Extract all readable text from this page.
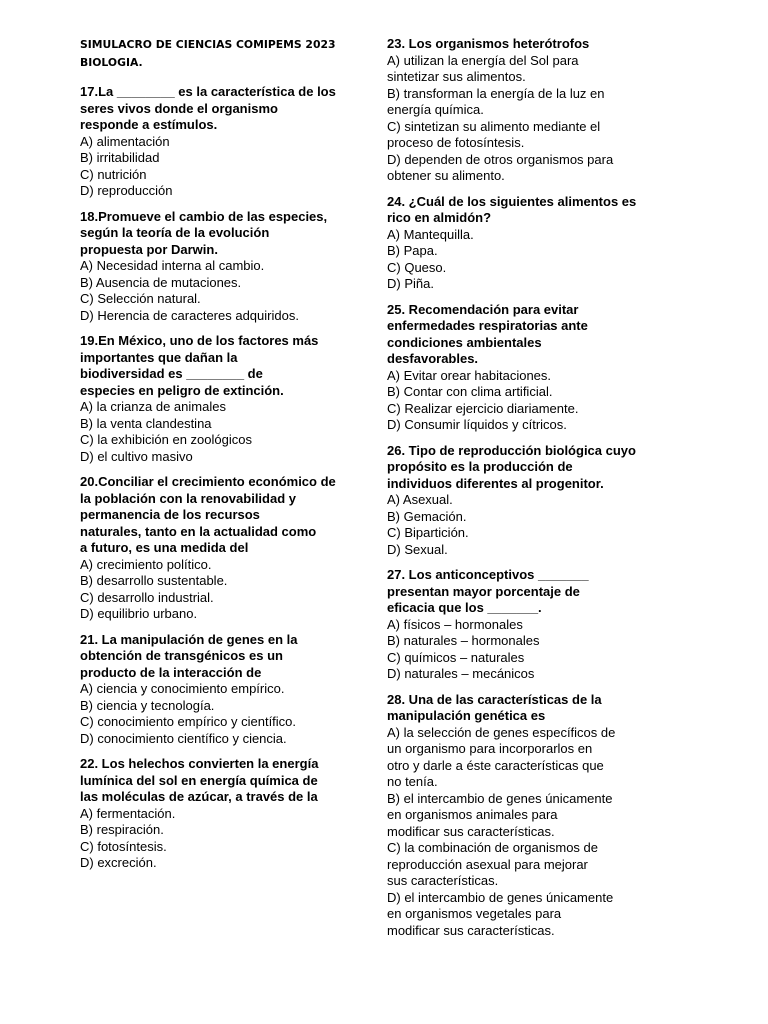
SIMULACRO DE CIENCIAS COMIPEMS 2023
BIOLOGIA.
17.La ________ es la característica de los
seres vivos donde el organismo
responde a estímulos.
A) alimentación
B) irritabilidad
C) nutrición
D) reproducción
18.Promueve el cambio de las especies,
según la teoría de la evolución
propuesta por Darwin.
A) Necesidad interna al cambio.
B) Ausencia de mutaciones.
C) Selección natural.
D) Herencia de caracteres adquiridos.
19.En México, uno de los factores más
importantes que dañan la
biodiversidad es ________ de
especies en peligro de extinción.
A) la crianza de animales
B) la venta clandestina
C) la exhibición en zoológicos
D) el cultivo masivo
20.Conciliar el crecimiento económico de
la población con la renovabilidad y
permanencia de los recursos
naturales, tanto en la actualidad como
a futuro, es una medida del
A) crecimiento político.
B) desarrollo sustentable.
C) desarrollo industrial.
D) equilibrio urbano.
21. La manipulación de genes en la
obtención de transgénicos es un
producto de la interacción de
A) ciencia y conocimiento empírico.
B) ciencia y tecnología.
C) conocimiento empírico y científico.
D) conocimiento científico y ciencia.
22. Los helechos convierten la energía
lumínica del sol en energía química de
las moléculas de azúcar, a través de la
A) fermentación.
B) respiración.
C) fotosíntesis.
D) excreción.
23. Los organismos heterótrofos
A) utilizan la energía del Sol para
sintetizar sus alimentos.
B) transforman la energía de la luz en
energía química.
C) sintetizan su alimento mediante el
proceso de fotosíntesis.
D) dependen de otros organismos para
obtener su alimento.
24. ¿Cuál de los siguientes alimentos es
rico en almidón?
A) Mantequilla.
B) Papa.
C) Queso.
D) Piña.
25. Recomendación para evitar
enfermedades respiratorias ante
condiciones ambientales
desfavorables.
A) Evitar orear habitaciones.
B) Contar con clima artificial.
C) Realizar ejercicio diariamente.
D) Consumir líquidos y cítricos.
26. Tipo de reproducción biológica cuyo
propósito es la producción de
individuos diferentes al progenitor.
A) Asexual.
B) Gemación.
C) Bipartición.
D) Sexual.
27. Los anticonceptivos _______
presentan mayor porcentaje de
eficacia que los _______.
A) físicos – hormonales
B) naturales – hormonales
C) químicos – naturales
D) naturales – mecánicos
28. Una de las características de la
manipulación genética es
A) la selección de genes específicos de
un organismo para incorporarlos en
otro y darle a éste características que
no tenía.
B) el intercambio de genes únicamente
en organismos animales para
modificar sus características.
C) la combinación de organismos de
reproducción asexual para mejorar
sus características.
D) el intercambio de genes únicamente
en organismos vegetales para
modificar sus características.
